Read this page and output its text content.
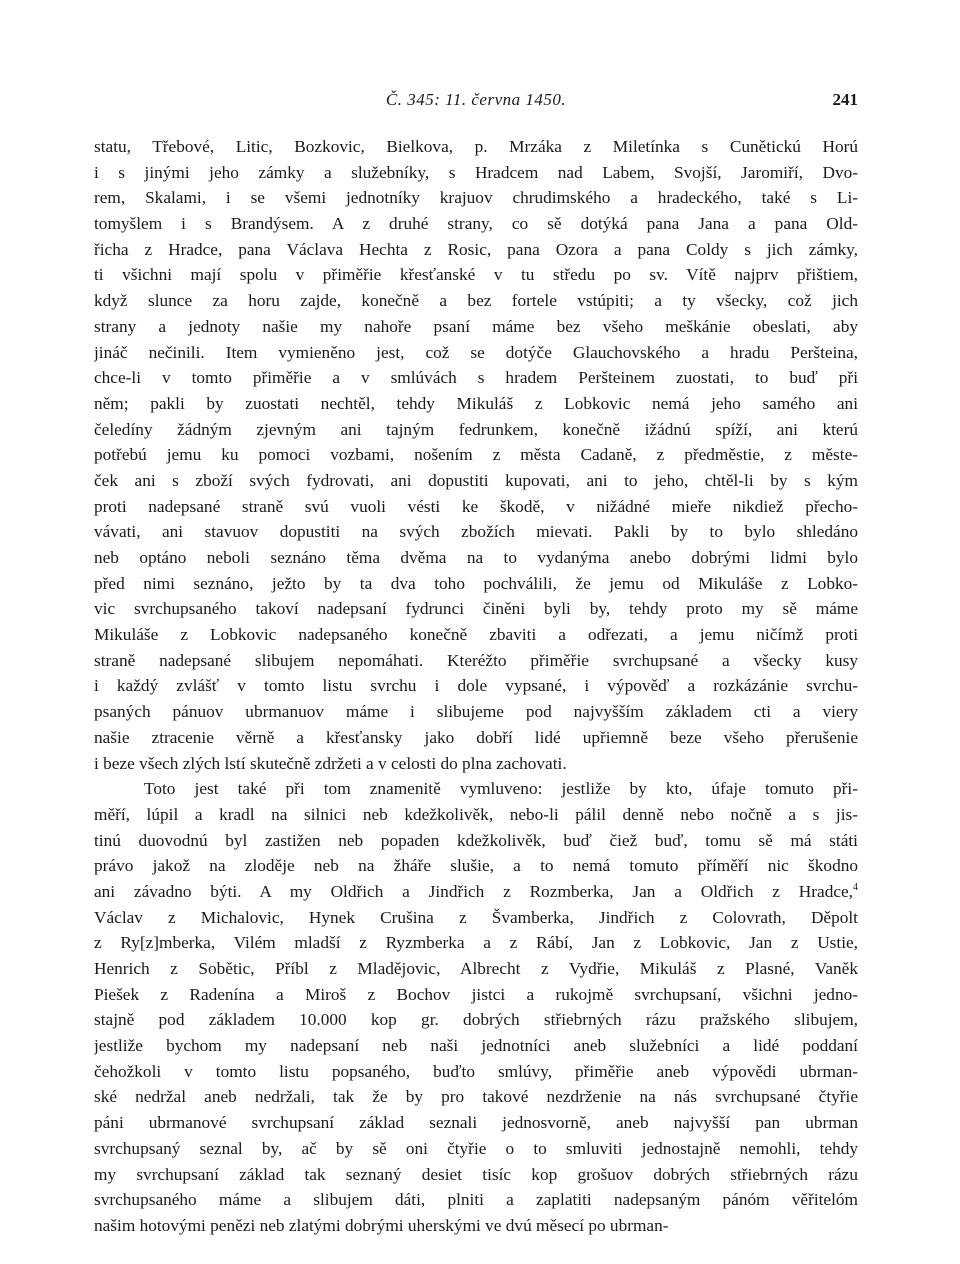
Č. 345: 11. června 1450.	241
statu, Třebové, Litic, Bozkovic, Bielkova, p. Mrzáka z Miletínka s Cunětickú Horú
i s jinými jeho zámky a služebníky, s Hradcem nad Labem, Svojší, Jaromiří, Dvo-
rem, Skalami, i se všemi jednotníky krajuov chrudimského a hradeckého, také s Li-
tomyšlem i s Brandýsem. A z druhé strany, co sě dotýká pana Jana a pana Old-
řicha z Hradce, pana Václava Hechta z Rosic, pana Ozora a pana Coldy s jich zámky,
ti všichni mají spolu v přiměřie křesťanské v tu středu po sv. Vítě najprv přištiem,
když slunce za horu zajde, konečně a bez fortele vstúpiti; a ty všecky, což jich
strany a jednoty našie my nahoře psaní máme bez všeho meškánie obeslati, aby
jináč nečinili. Item vymieněno jest, což se dotýče Glauchovského a hradu Peršteina,
chce-li v tomto přiměřie a v smlúvách s hradem Peršteinem zuostati, to buď při
něm; pakli by zuostati nechtěl, tehdy Mikuláš z Lobkovic nemá jeho samého ani
čeledíny žádným zjevným ani tajným fedrunkem, konečně ižádnú spíží, ani kterú
potřebú jemu ku pomoci vozbami, nošením z města Cadaně, z předměstie, z měste-
ček ani s zboží svých fydrovati, ani dopustiti kupovati, ani to jeho, chtěl-li by s kým
proti nadepsané straně svú vuoli vésti ke škodě, v nižádné mieře nikdiež přecho-
vávati, ani stavuov dopustiti na svých zbožích mievati. Pakli by to bylo shledáno
neb optáno neboli seznáno těma dvěma na to vydanýma anebo dobrými lidmi bylo
před nimi seznáno, ježto by ta dva toho pochválili, že jemu od Mikuláše z Lobko-
vic svrchupsaného takoví nadepsaní fydrunci činěni byli by, tehdy proto my sě máme
Mikuláše z Lobkovic nadepsaného konečně zbaviti a odřezati, a jemu ničímž proti
straně nadepsané slibujem nepomáhati. Kteréžto přiměřie svrchupsané a všecky kusy
i každý zvlášť v tomto listu svrchu i dole vypsané, i výpověď a rozkázánie svrchu-
psaných pánuov ubrmanuov máme i slibujeme pod najvyšším základem cti a viery
našie ztracenie věrně a křesťansky jako dobří lidé upřiemně beze všeho přerušenie
i beze všech zlých lstí skutečně zdržeti a v celosti do plna zachovati.
Toto jest také při tom znamenitě vymluveno: jestliže by kto, úfaje tomuto při-
měří, lúpil a kradl na silnici neb kdežkolivěk, nebo-li pálil denně nebo nočně a s jis-
tinú duovodnú byl zastižen neb popaden kdežkolivěk, buď čiež buď, tomu sě má státi
právo jakož na zloděje neb na žháře slušie, a to nemá tomuto příměří nic škodno
ani závadno býti. A my Oldřich a Jindřich z Rozmberka, Jan a Oldřich z Hradce,$^4$
Václav z Michalovic, Hynek Crušina z Švamberka, Jindřich z Colovrath, Děpolt
z Ry[z]mberka, Vilém mladší z Ryzmberka a z Rábí, Jan z Lobkovic, Jan z Ustie,
Henrich z Sobětic, Příbl z Mladějovic, Albrecht z Vydřie, Mikuláš z Plasné, Vaněk
Piešek z Radenína a Miroš z Bochov jistci a rukojmě svrchupsaní, všichni jedno-
stajně pod základem 10.000 kop gr. dobrých střiebrných rázu pražského slibujem,
jestliže bychom my nadepsaní neb naši jednotníci aneb služebníci a lidé poddaní
čehožkoli v tomto listu popsaného, buďto smlúvy, přiměřie aneb výpovědi ubrman-
ské nedržal aneb nedržali, tak že by pro takové nezdrženie na nás svrchupsané čtyřie
páni ubrmanové svrchupsaní základ seznali jednosvorně, aneb najvyšší pan ubrman
svrchupsaný seznal by, ač by sě oni čtyřie o to smluviti jednostajně nemohli, tehdy
my svrchupsaní základ tak seznaný desiet tisíc kop grošuov dobrých střiebrných rázu
svrchupsaného máme a slibujem dáti, plniti a zaplatiti nadepsaným pánóm věřitelóm
našim hotovými penězi neb zlatými dobrými uherskými ve dvú měsecí po ubrman-
